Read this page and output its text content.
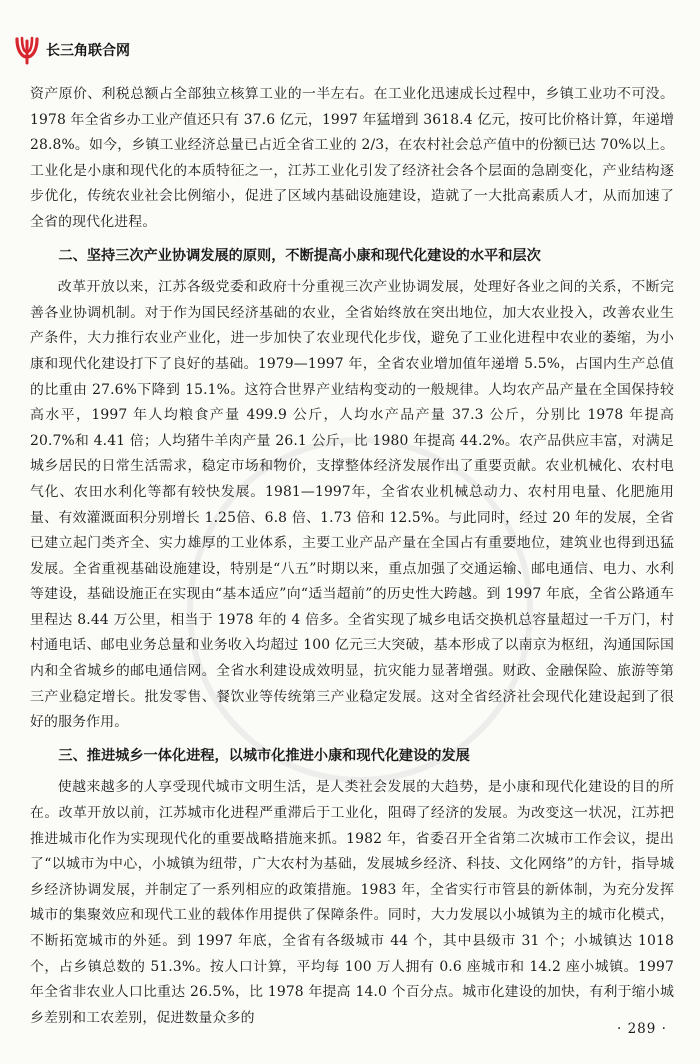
长三角联合网

资产原价、利税总额占全部独立核算工业的一半左右。在工业化迅速成长过程中，乡镇工业功不可没。1978 年全省乡办工业产值还只有 37.6 亿元，1997 年猛增到 3618.4 亿元，按可比价格计算，年递增 28.8%。如今，乡镇工业经济总量已占近全省工业的 2/3，在农村社会总产值中的份额已达 70%以上。工业化是小康和现代化的本质特征之一，江苏工业化引发了经济社会各个层面的急剧变化，产业结构逐步优化，传统农业社会比例缩小，促进了区域内基础设施建设，造就了一大批高素质人才，从而加速了全省的现代化进程。

二、坚持三次产业协调发展的原则，不断提高小康和现代化建设的水平和层次

改革开放以来，江苏各级党委和政府十分重视三次产业协调发展，处理好各业之间的关系，不断完善各业协调机制。对于作为国民经济基础的农业，全省始终放在突出地位，加大农业投入，改善农业生产条件，大力推行农业产业化，进一步加快了农业现代化步伐，避免了工业化进程中农业的萎缩，为小康和现代化建设打下了良好的基础。1979—1997 年，全省农业增加值年递增 5.5%，占国内生产总值的比重由 27.6%下降到 15.1%。这符合世界产业结构变动的一般规律。人均农产品产量在全国保持较高水平，1997 年人均粮食产量 499.9 公斤，人均水产品产量 37.3 公斤，分别比 1978 年提高 20.7%和 4.41 倍；人均猪牛羊肉产量 26.1 公斤，比 1980 年提高 44.2%。农产品供应丰富，对满足城乡居民的日常生活需求，稳定市场和物价，支撑整体经济发展作出了重要贡献。农业机械化、农村电气化、农田水利化等都有较快发展。1981—1997年，全省农业机械总动力、农村用电量、化肥施用量、有效灌溉面积分别增长 1.25倍、6.8 倍、1.73 倍和 12.5%。与此同时，经过 20 年的发展，全省已建立起门类齐全、实力雄厚的工业体系，主要工业产品产量在全国占有重要地位，建筑业也得到迅猛发展。全省重视基础设施建设，特别是“八五”时期以来，重点加强了交通运输、邮电通信、电力、水利等建设，基础设施正在实现由“基本适应”向“适当超前”的历史性大跨越。到 1997 年底，全省公路通车里程达 8.44 万公里，相当于 1978 年的 4 倍多。全省实现了城乡电话交换机总容量超过一千万门，村村通电话、邮电业务总量和业务收入均超过 100 亿元三大突破，基本形成了以南京为枢纽，沟通国际国内和全省城乡的邮电通信网。全省水利建设成效明显，抗灾能力显著增强。财政、金融保险、旅游等第三产业稳定增长。批发零售、餐饮业等传统第三产业稳定发展。这对全省经济社会现代化建设起到了很好的服务作用。

三、推进城乡一体化进程，以城市化推进小康和现代化建设的发展

使越来越多的人享受现代城市文明生活，是人类社会发展的大趋势，是小康和现代化建设的目的所在。改革开放以前，江苏城市化进程严重滞后于工业化，阻碍了经济的发展。为改变这一状况，江苏把推进城市化作为实现现代化的重要战略措施来抓。1982 年，省委召开全省第二次城市工作会议，提出了“以城市为中心，小城镇为纽带，广大农村为基础，发展城乡经济、科技、文化网络”的方针，指导城乡经济协调发展，并制定了一系列相应的政策措施。1983 年，全省实行市管县的新体制，为充分发挥城市的集聚效应和现代工业的载体作用提供了保障条件。同时，大力发展以小城镇为主的城市化模式，不断拓宽城市的外延。到 1997 年底，全省有各级城市 44 个，其中县级市 31 个；小城镇达 1018 个，占乡镇总数的 51.3%。按人口计算，平均每 100 万人拥有 0.6 座城市和 14.2 座小城镇。1997 年全省非农业人口比重达 26.5%，比 1978 年提高 14.0 个百分点。城市化建设的加快，有利于缩小城乡差别和工农差别，促进数量众多的

· 289 ·
